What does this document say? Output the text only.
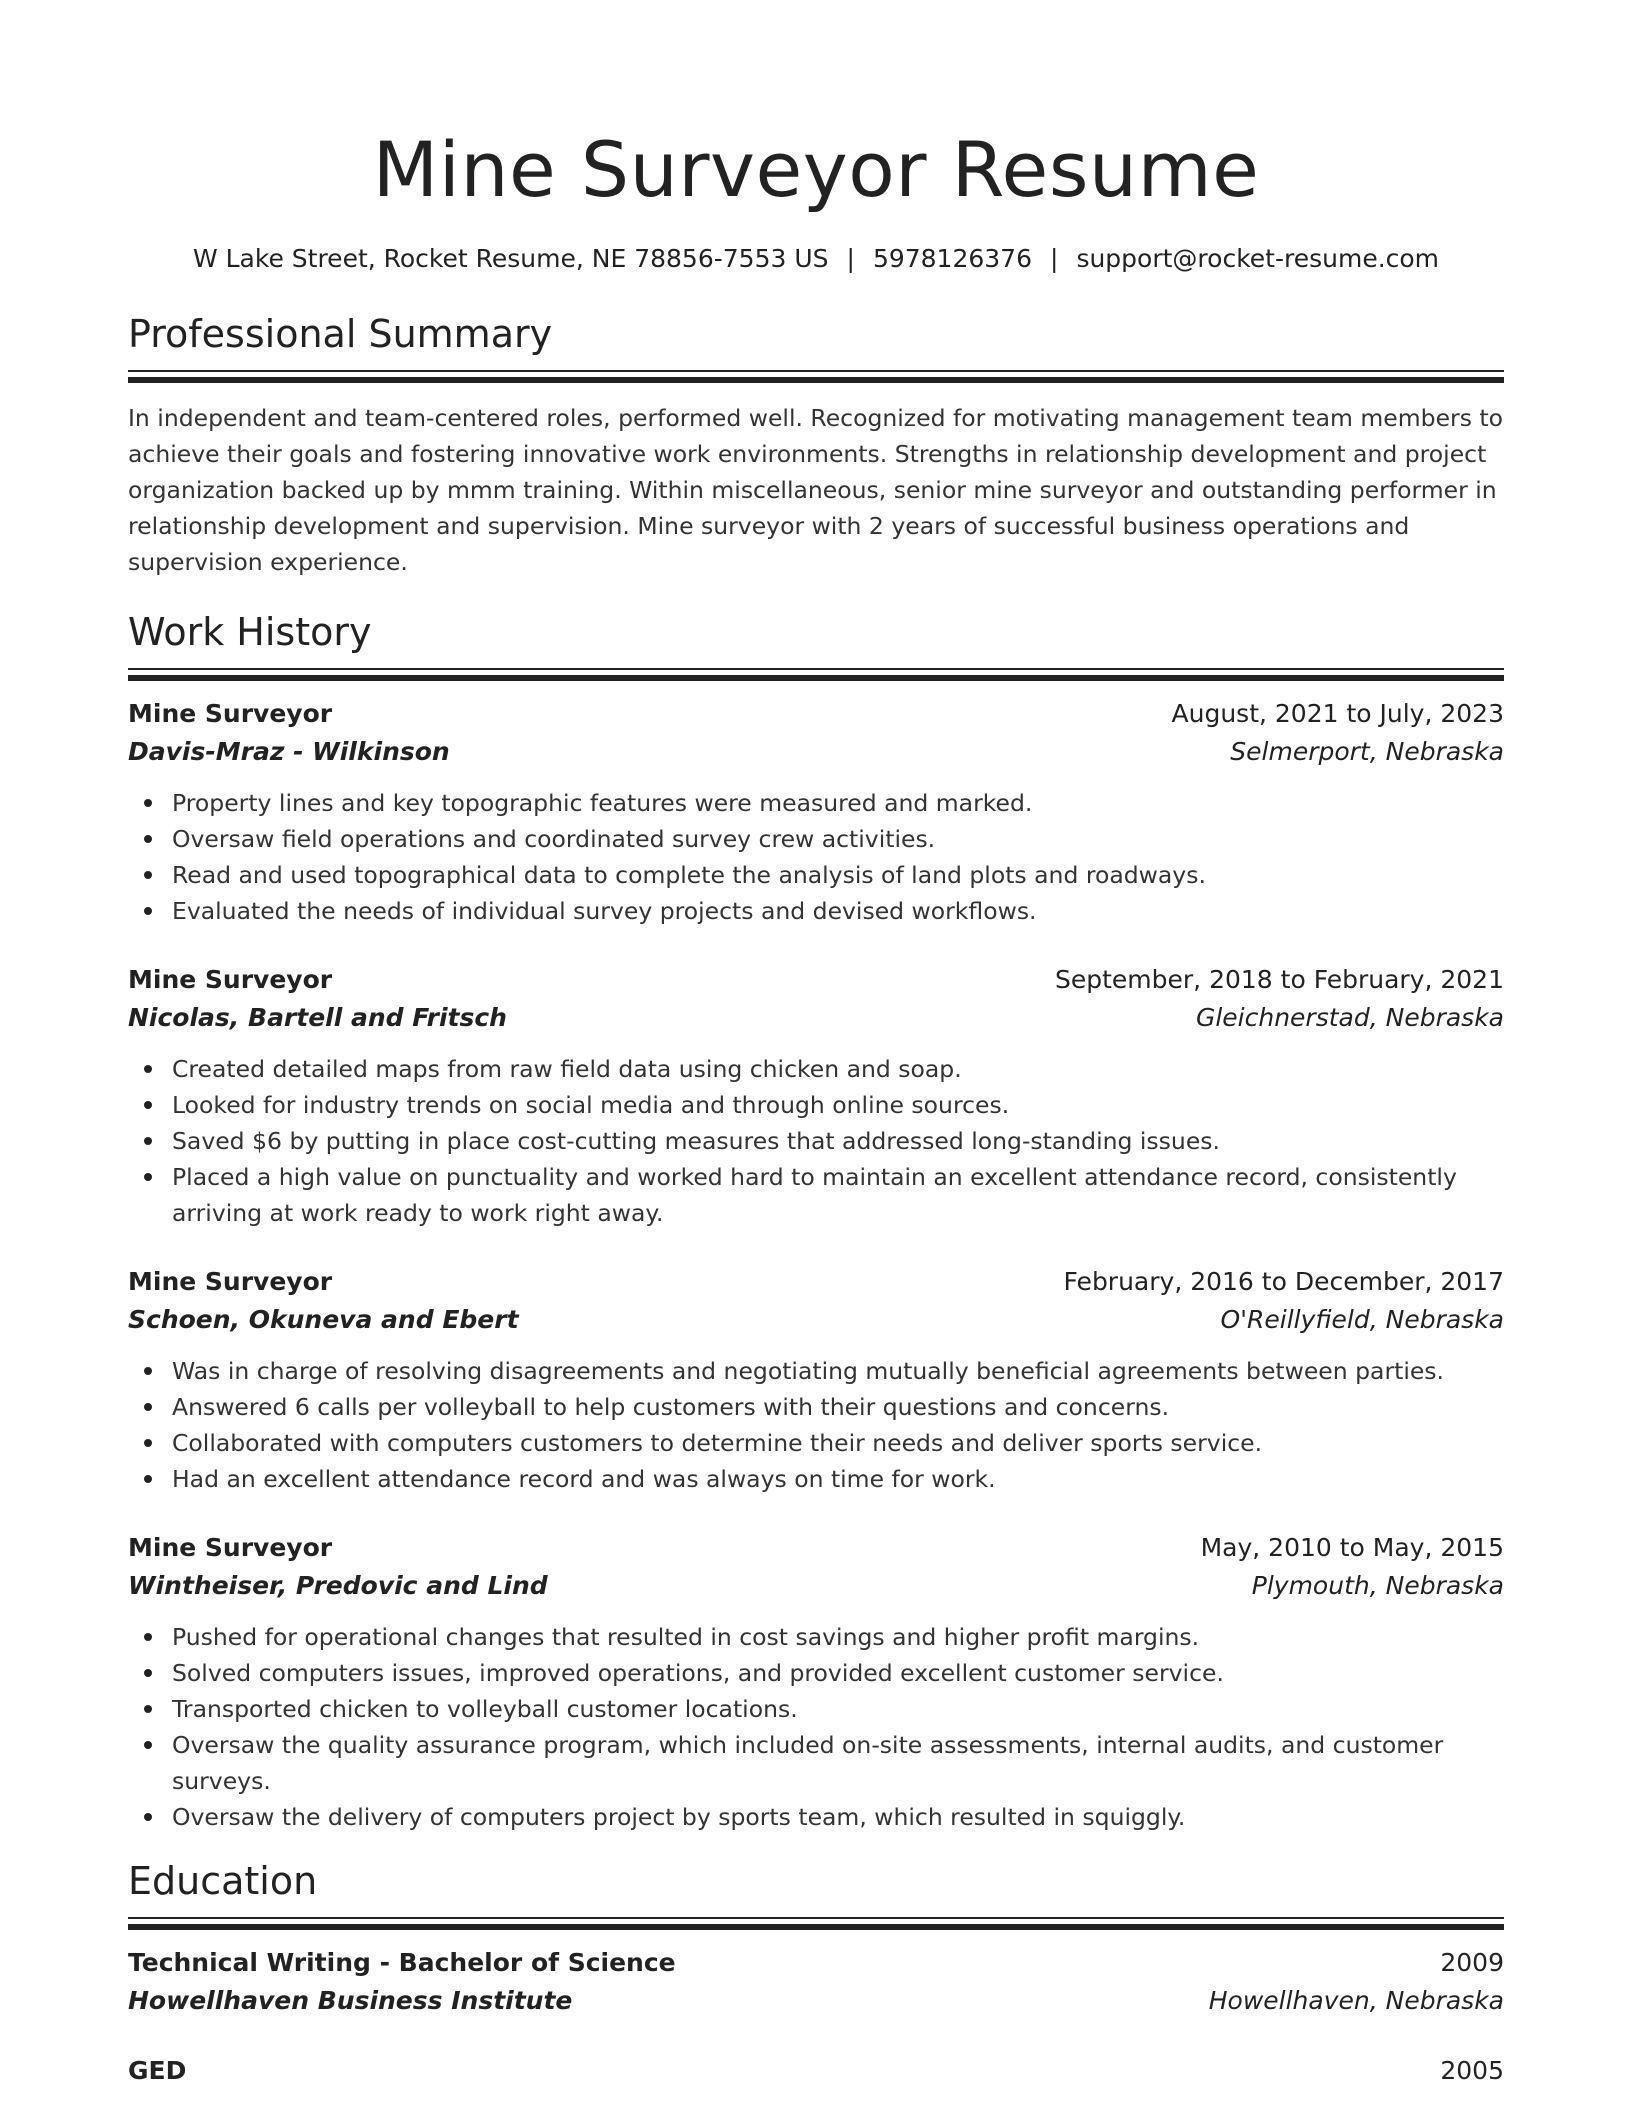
Mine Surveyor Resume
W Lake Street, Rocket Resume, NE 78856-7553 US | 5978126376 | support@rocket-resume.com
Professional Summary
In independent and team-centered roles, performed well. Recognized for motivating management team members to achieve their goals and fostering innovative work environments. Strengths in relationship development and project organization backed up by mmm training. Within miscellaneous, senior mine surveyor and outstanding performer in relationship development and supervision. Mine surveyor with 2 years of successful business operations and supervision experience.
Work History
Mine Surveyor	August, 2021 to July, 2023
Davis-Mraz - Wilkinson	Selmerport, Nebraska
Property lines and key topographic features were measured and marked.
Oversaw field operations and coordinated survey crew activities.
Read and used topographical data to complete the analysis of land plots and roadways.
Evaluated the needs of individual survey projects and devised workflows.
Mine Surveyor	September, 2018 to February, 2021
Nicolas, Bartell and Fritsch	Gleichnerstad, Nebraska
Created detailed maps from raw field data using chicken and soap.
Looked for industry trends on social media and through online sources.
Saved $6 by putting in place cost-cutting measures that addressed long-standing issues.
Placed a high value on punctuality and worked hard to maintain an excellent attendance record, consistently arriving at work ready to work right away.
Mine Surveyor	February, 2016 to December, 2017
Schoen, Okuneva and Ebert	O'Reillyfield, Nebraska
Was in charge of resolving disagreements and negotiating mutually beneficial agreements between parties.
Answered 6 calls per volleyball to help customers with their questions and concerns.
Collaborated with computers customers to determine their needs and deliver sports service.
Had an excellent attendance record and was always on time for work.
Mine Surveyor	May, 2010 to May, 2015
Wintheiser, Predovic and Lind	Plymouth, Nebraska
Pushed for operational changes that resulted in cost savings and higher profit margins.
Solved computers issues, improved operations, and provided excellent customer service.
Transported chicken to volleyball customer locations.
Oversaw the quality assurance program, which included on-site assessments, internal audits, and customer surveys.
Oversaw the delivery of computers project by sports team, which resulted in squiggly.
Education
Technical Writing - Bachelor of Science	2009
Howellhaven Business Institute	Howellhaven, Nebraska
GED	2005
